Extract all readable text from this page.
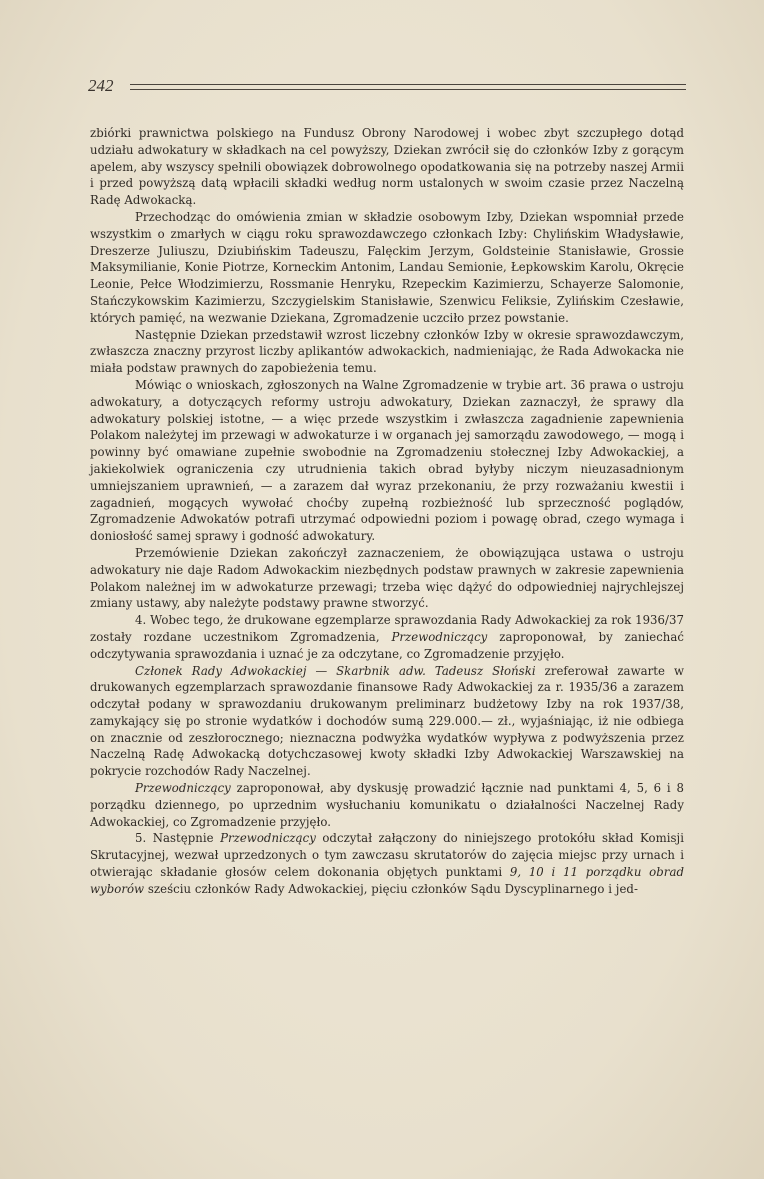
242

zbiórki prawnictwa polskiego na Fundusz Obrony Narodowej i wobec zbyt szczupłego dotąd udziału adwokatury w składkach na cel powyższy, Dziekan zwrócił się do członków Izby z gorącym apelem, aby wszyscy spełnili obowiązek dobrowolnego opodatkowania się na potrzeby naszej Armii i przed powyższą datą wpłacili składki według norm ustalonych w swoim czasie przez Naczelną Radę Adwokacką.

Przechodząc do omówienia zmian w składzie osobowym Izby, Dziekan wspomniał przede wszystkim o zmarłych w ciągu roku sprawozdawczego członkach Izby: Chylińskim Władysławie, Dreszerze Juliuszu, Dziubińskim Tadeuszu, Falęckim Jerzym, Goldsteinie Stanisławie, Grossie Maksymilianie, Konie Piotrze, Korneckim Antonim, Landau Semionie, Łepkowskim Karolu, Okręcie Leonie, Pełce Włodzimierzu, Rossmanie Henryku, Rzepeckim Kazimierzu, Schayerze Salomonie, Stańczykowskim Kazimierzu, Szczygielskim Stanisławie, Szenwicu Feliksie, Zylińskim Czesławie, których pamięć, na wezwanie Dziekana, Zgromadzenie uczciło przez powstanie.

Następnie Dziekan przedstawił wzrost liczebny członków Izby w okresie sprawozdawczym, zwłaszcza znaczny przyrost liczby aplikantów adwokackich, nadmieniając, że Rada Adwokacka nie miała podstaw prawnych do zapobieżenia temu.

Mówiąc o wnioskach, zgłoszonych na Walne Zgromadzenie w trybie art. 36 prawa o ustroju adwokatury, a dotyczących reformy ustroju adwokatury, Dziekan zaznaczył, że sprawy dla adwokatury polskiej istotne, — a więc przede wszystkim i zwłaszcza zagadnienie zapewnienia Polakom należytej im przewagi w adwokaturze i w organach jej samorządu zawodowego, — mogą i powinny być omawiane zupełnie swobodnie na Zgromadzeniu stołecznej Izby Adwokackiej, a jakiekolwiek ograniczenia czy utrudnienia takich obrad byłyby niczym nieuzasadnionym umniejszaniem uprawnień, — a zarazem dał wyraz przekonaniu, że przy rozważaniu kwestii i zagadnień, mogących wywołać choćby zupełną rozbieżność lub sprzeczność poglądów, Zgromadzenie Adwokatów potrafi utrzymać odpowiedni poziom i powagę obrad, czego wymaga i doniosłość samej sprawy i godność adwokatury.

Przemówienie Dziekan zakończył zaznaczeniem, że obowiązująca ustawa o ustroju adwokatury nie daje Radom Adwokackim niezbędnych podstaw prawnych w zakresie zapewnienia Polakom należnej im w adwokaturze przewagi; trzeba więc dążyć do odpowiedniej najrychlejszej zmiany ustawy, aby należyte podstawy prawne stworzyć.

4. Wobec tego, że drukowane egzemplarze sprawozdania Rady Adwokackiej za rok 1936/37 zostały rozdane uczestnikom Zgromadzenia, Przewodniczący zaproponował, by zaniechać odczytywania sprawozdania i uznać je za odczytane, co Zgromadzenie przyjęło.

Członek Rady Adwokackiej — Skarbnik adw. Tadeusz Słoński zreferował zawarte w drukowanych egzemplarzach sprawozdanie finansowe Rady Adwokackiej za r. 1935/36 a zarazem odczytał podany w sprawozdaniu drukowanym preliminarz budżetowy Izby na rok 1937/38, zamykający się po stronie wydatków i dochodów sumą 229.000.— zł., wyjaśniając, iż nie odbiega on znacznie od zeszłorocznego; nieznaczna podwyżka wydatków wypływa z podwyższenia przez Naczelną Radę Adwokacką dotychczasowej kwoty składki Izby Adwokackiej Warszawskiej na pokrycie rozchodów Rady Naczelnej.

Przewodniczący zaproponował, aby dyskusję prowadzić łącznie nad punktami 4, 5, 6 i 8 porządku dziennego, po uprzednim wysłuchaniu komunikatu o działalności Naczelnej Rady Adwokackiej, co Zgromadzenie przyjęło.

5. Następnie Przewodniczący odczytał załączony do niniejszego protokółu skład Komisji Skrutacyjnej, wezwał uprzedzonych o tym zawczasu skrutatorów do zajęcia miejsc przy urnach i otwierając składanie głosów celem dokonania objętych punktami 9, 10 i 11 porządku obrad wyborów sześciu członków Rady Adwokackiej, pięciu członków Sądu Dyscyplinarnego i jed-
